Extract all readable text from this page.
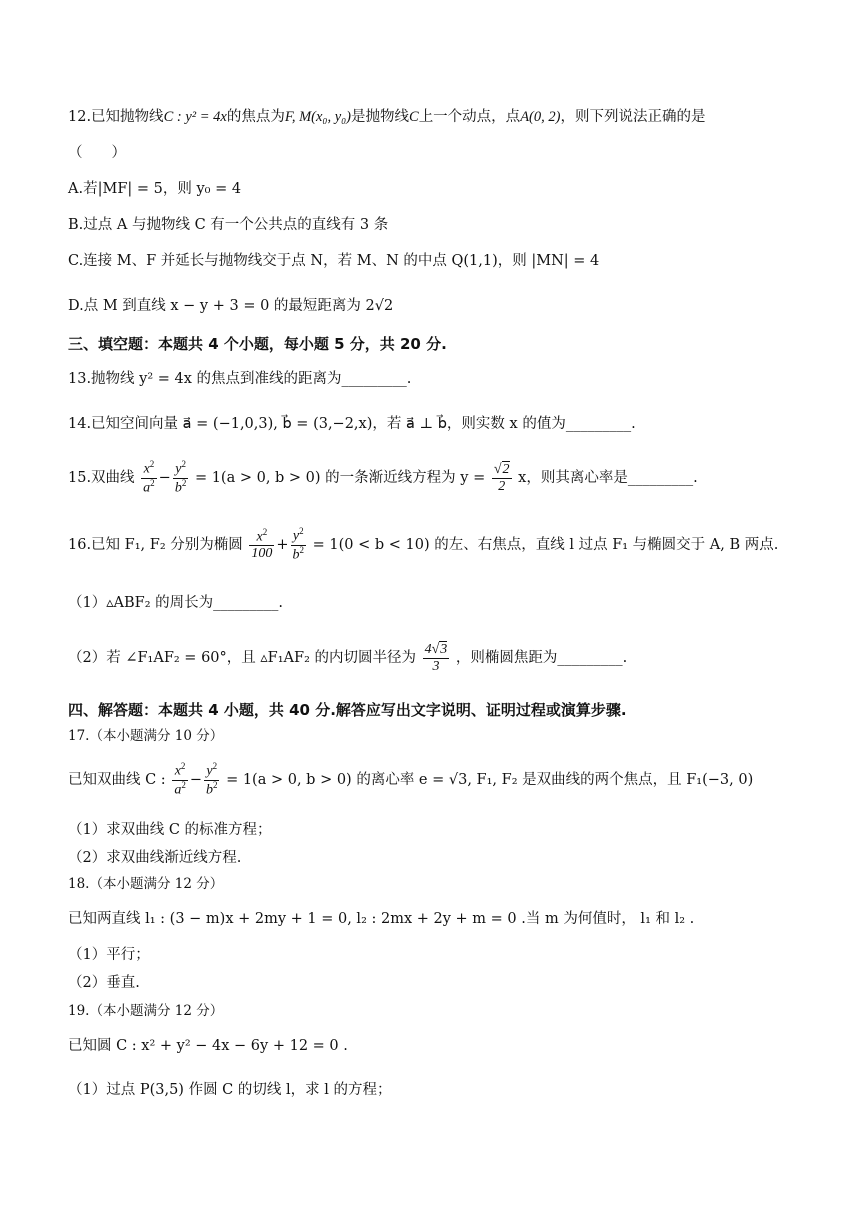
12.已知抛物线C : y² = 4x的焦点为F, M(x₀, y₀)是抛物线C上一个动点，点A(0, 2)，则下列说法正确的是
（　　）
A.若|MF| = 5，则 y₀ = 4
B.过点 A 与抛物线 C 有一个公共点的直线有 3 条
C.连接 M、F 并延长与抛物线交于点 N，若 M、N 的中点 Q(1,1)，则 |MN| = 4
D.点 M 到直线 x − y + 3 = 0 的最短距离为 2√2
三、填空题：本题共 4 个小题，每小题 5 分，共 20 分.
13.抛物线 y² = 4x 的焦点到准线的距离为_________.
14.已知空间向量 a⃗ = (−1,0,3), b⃗ = (3,−2,x)，若 a⃗ ⊥ b⃗，则实数 x 的值为_________.
15.双曲线 $\frac{x^2}{a^2} - \frac{y^2}{b^2} = 1(a > 0$, b > 0) 的一条渐近线方程为 $y = \frac{√2}{2}$ x，则其离心率是_________.
16.已知 F₁, F₂ 分别为椭圆 $\frac{x^2}{100} + \frac{y^2}{b^2} = 1(0 < b < 10)$ 的左、右焦点，直线 l 过点 F₁ 与椭圆交于 A, B 两点.
（1）▵ABF₂ 的周长为_________.
（2）若 ∠F₁AF₂ = 60°，且 ▵F₁AF₂ 的内切圆半径为 $\frac{4√3}{3}$ ，则椭圆焦距为_________.
四、解答题：本题共 4 小题，共 40 分.解答应写出文字说明、证明过程或演算步骤.
17.（本小题满分 10 分）
已知双曲线 C : $\frac{x^2}{a^2} - \frac{y^2}{b^2} = 1(a > 0$, b > 0) 的离心率 e = √3, F₁, F₂ 是双曲线的两个焦点，且 F₁(−3, 0)
（1）求双曲线 C 的标准方程；
（2）求双曲线渐近线方程.
18.（本小题满分 12 分）
已知两直线 l₁ : (3 − m)x + 2my + 1 = 0, l₂ : 2mx + 2y + m = 0 .当 m 为何值时， l₁ 和 l₂ .
（1）平行；
（2）垂直.
19.（本小题满分 12 分）
已知圆 C : x² + y² − 4x − 6y + 12 = 0 .
（1）过点 P(3,5) 作圆 C 的切线 l，求 l 的方程；
